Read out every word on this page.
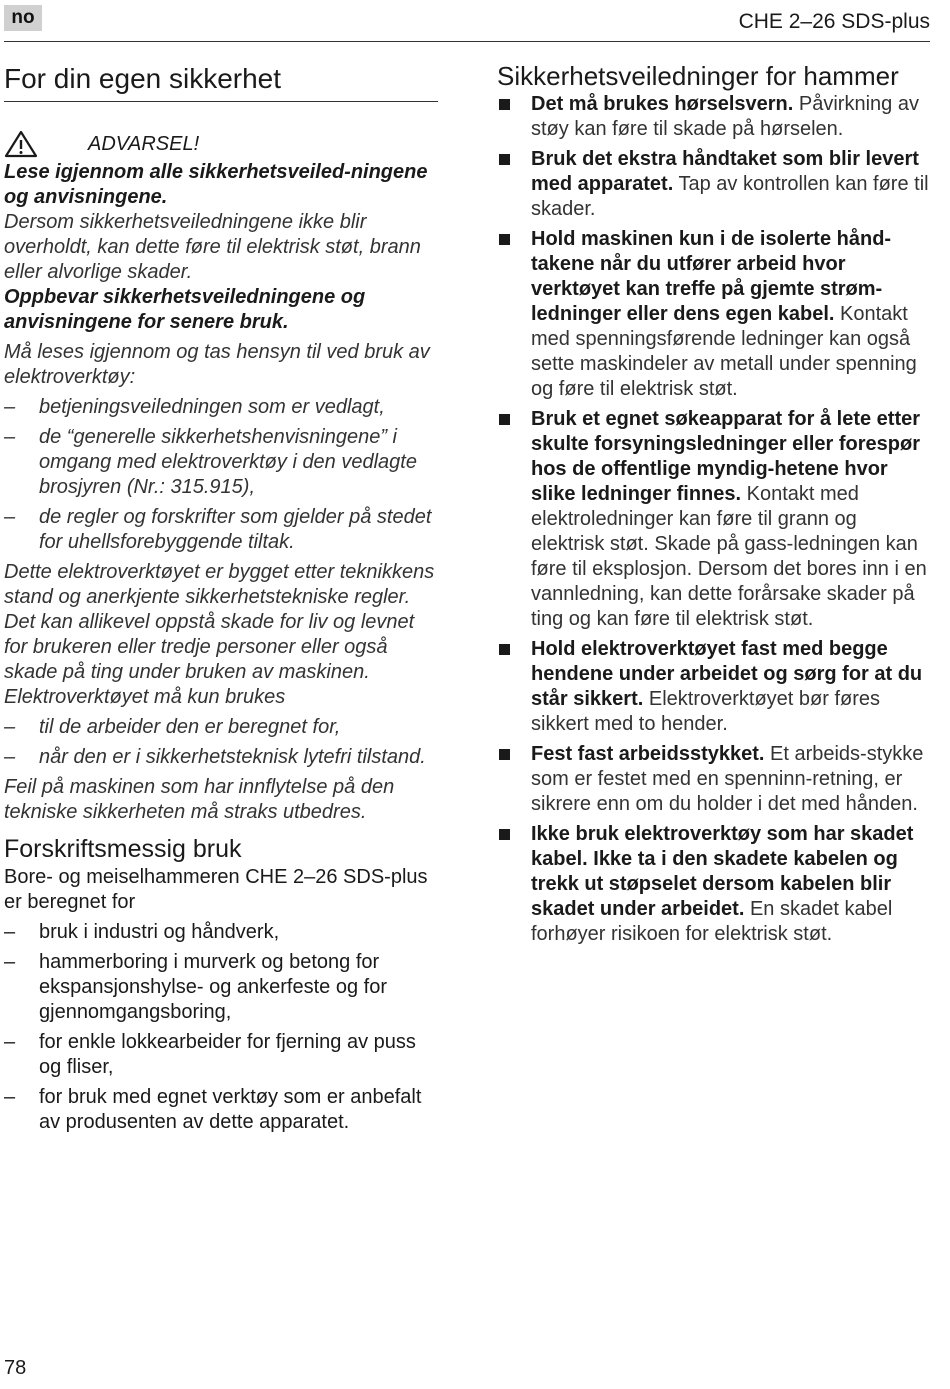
no	CHE 2–26 SDS-plus
For din egen sikkerhet
ADVARSEL!

Lese igjennom alle sikkerhetsveiled-ningene og anvisningene.

Dersom sikkerhetsveiledningene ikke blir overholdt, kan dette føre til elektrisk støt, brann eller alvorlige skader.

Oppbevar sikkerhetsveiledningene og anvisningene for senere bruk.

Må leses igjennom og tas hensyn til ved bruk av elektroverktøy:

– betjeningsveiledningen som er vedlagt,
– de “generelle sikkerhetshenvisningene” i omgang med elektroverktøy i den vedlagte brosjyren (Nr.: 315.915),
– de regler og forskrifter som gjelder på stedet for uhellsforebyggende tiltak.

Dette elektroverktøyet er bygget etter teknikkens stand og anerkjente sikkerhetstekniske regler. Det kan allikevel oppstå skade for liv og levnet for brukeren eller tredje personer eller også skade på ting under bruken av maskinen.

Elektroverktøyet må kun brukes

– til de arbeider den er beregnet for,
– når den er i sikkerhetsteknisk lytefri tilstand.

Feil på maskinen som har innflytelse på den tekniske sikkerheten må straks utbedres.

Forskriftsmessig bruk

Bore- og meiselhammeren CHE 2–26 SDS-plus er beregnet for

– bruk i industri og håndverk,
– hammerboring i murverk og betong for ekspansjonshylse- og ankerfeste og for gjennomgangsboring,
– for enkle lokkearbeider for fjerning av puss og fliser,
– for bruk med egnet verktøy som er anbefalt av produsenten av dette apparatet.
Sikkerhetsveiledninger for hammer
Det må brukes hørselsvern. Påvirkning av støy kan føre til skade på hørselen.
Bruk det ekstra håndtaket som blir levert med apparatet. Tap av kontrollen kan føre til skader.
Hold maskinen kun i de isolerte hånd-takene når du utfører arbeid hvor verktøyet kan treffe på gjemte strøm-ledninger eller dens egen kabel. Kontakt med spenningsførende ledninger kan også sette maskindeler av metall under spenning og føre til elektrisk støt.
Bruk et egnet søkeapparat for å lete etter skulte forsyningsledninger eller forespør hos de offentlige myndig-hetene hvor slike ledninger finnes. Kontakt med elektroledninger kan føre til grann og elektrisk støt. Skade på gass-ledningen kan føre til eksplosjon. Dersom det bores inn i en vannledning, kan dette forårsake skader på ting og kan føre til elektrisk støt.
Hold elektroverktøyet fast med begge hendene under arbeidet og sørg for at du står sikkert. Elektroverktøyet bør føres sikkert med to hender.
Fest fast arbeidsstykket. Et arbeids-stykke som er festet med en spenninn-retning, er sikrere enn om du holder i det med hånden.
Ikke bruk elektroverktøy som har skadet kabel. Ikke ta i den skadete kabelen og trekk ut støpselet dersom kabelen blir skadet under arbeidet. En skadet kabel forhøyer risikoen for elektrisk støt.
78
